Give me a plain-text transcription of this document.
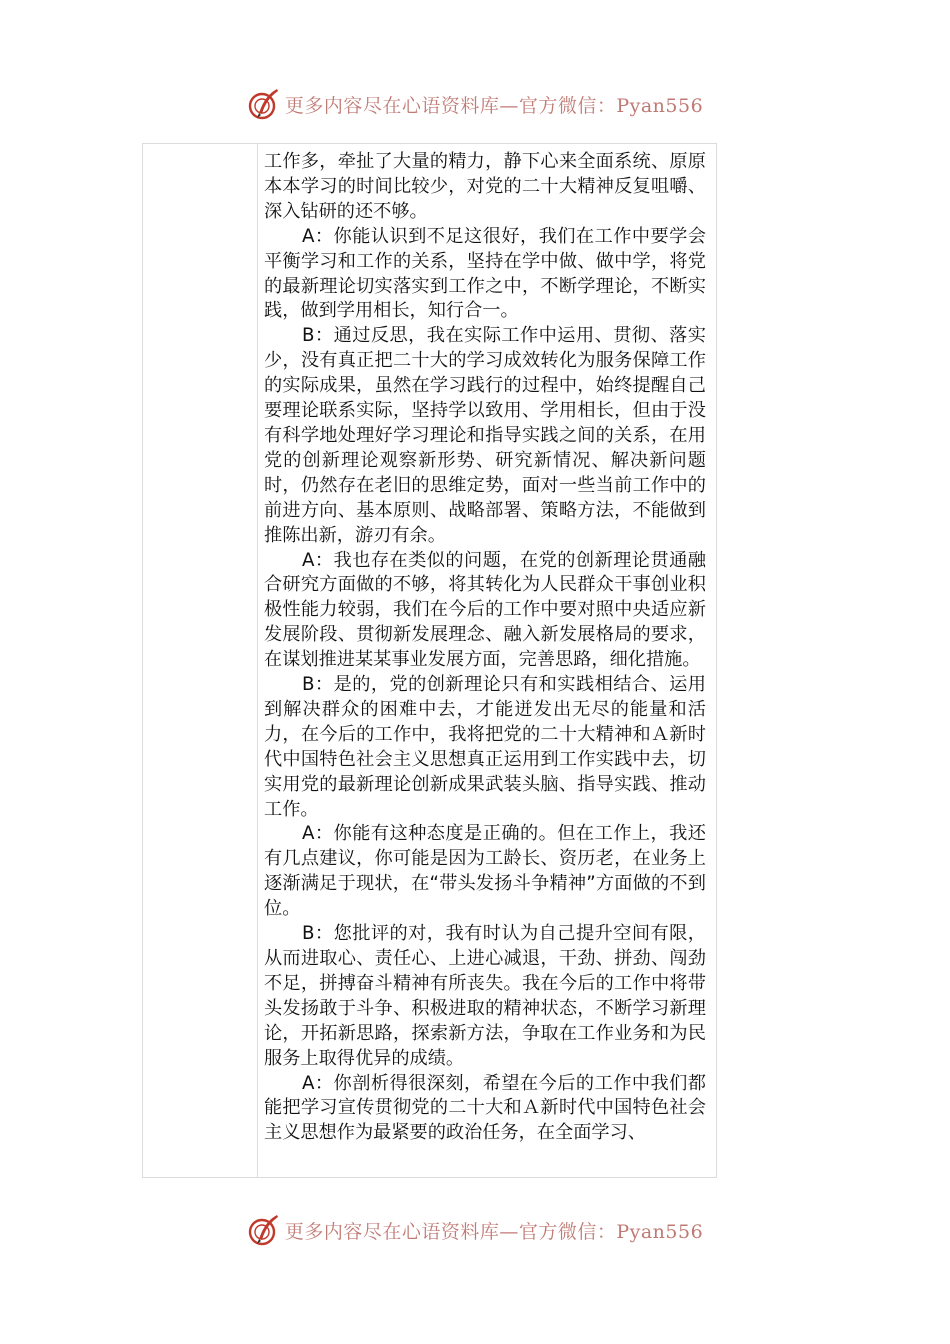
更多内容尽在心语资料库—官方微信：Pyan556

工作多，牵扯了大量的精力，静下心来全面系统、原原本本学习的时间比较少，对党的二十大精神反复咀嚼、深入钻研的还不够。

A：你能认识到不足这很好，我们在工作中要学会平衡学习和工作的关系，坚持在学中做、做中学，将党的最新理论切实落实到工作之中，不断学理论，不断实践，做到学用相长，知行合一。

B：通过反思，我在实际工作中运用、贯彻、落实少，没有真正把二十大的学习成效转化为服务保障工作的实际成果，虽然在学习践行的过程中，始终提醒自己要理论联系实际，坚持学以致用、学用相长，但由于没有科学地处理好学习理论和指导实践之间的关系，在用党的创新理论观察新形势、研究新情况、解决新问题时，仍然存在老旧的思维定势，面对一些当前工作中的前进方向、基本原则、战略部署、策略方法，不能做到推陈出新，游刃有余。

A：我也存在类似的问题，在党的创新理论贯通融合研究方面做的不够，将其转化为人民群众干事创业积极性能力较弱，我们在今后的工作中要对照中央适应新发展阶段、贯彻新发展理念、融入新发展格局的要求，在谋划推进某某事业发展方面，完善思路，细化措施。

B：是的，党的创新理论只有和实践相结合、运用到解决群众的困难中去，才能迸发出无尽的能量和活力，在今后的工作中，我将把党的二十大精神和Ａ新时代中国特色社会主义思想真正运用到工作实践中去，切实用党的最新理论创新成果武装头脑、指导实践、推动工作。

A：你能有这种态度是正确的。但在工作上，我还有几点建议，你可能是因为工龄长、资历老，在业务上逐渐满足于现状，在“带头发扬斗争精神”方面做的不到位。

B：您批评的对，我有时认为自己提升空间有限，从而进取心、责任心、上进心减退，干劲、拼劲、闯劲不足，拼搏奋斗精神有所丧失。我在今后的工作中将带头发扬敢于斗争、积极进取的精神状态，不断学习新理论，开拓新思路，探索新方法，争取在工作业务和为民服务上取得优异的成绩。

A：你剖析得很深刻，希望在今后的工作中我们都能把学习宣传贯彻党的二十大和Ａ新时代中国特色社会主义思想作为最紧要的政治任务，在全面学习、

更多内容尽在心语资料库—官方微信：Pyan556
